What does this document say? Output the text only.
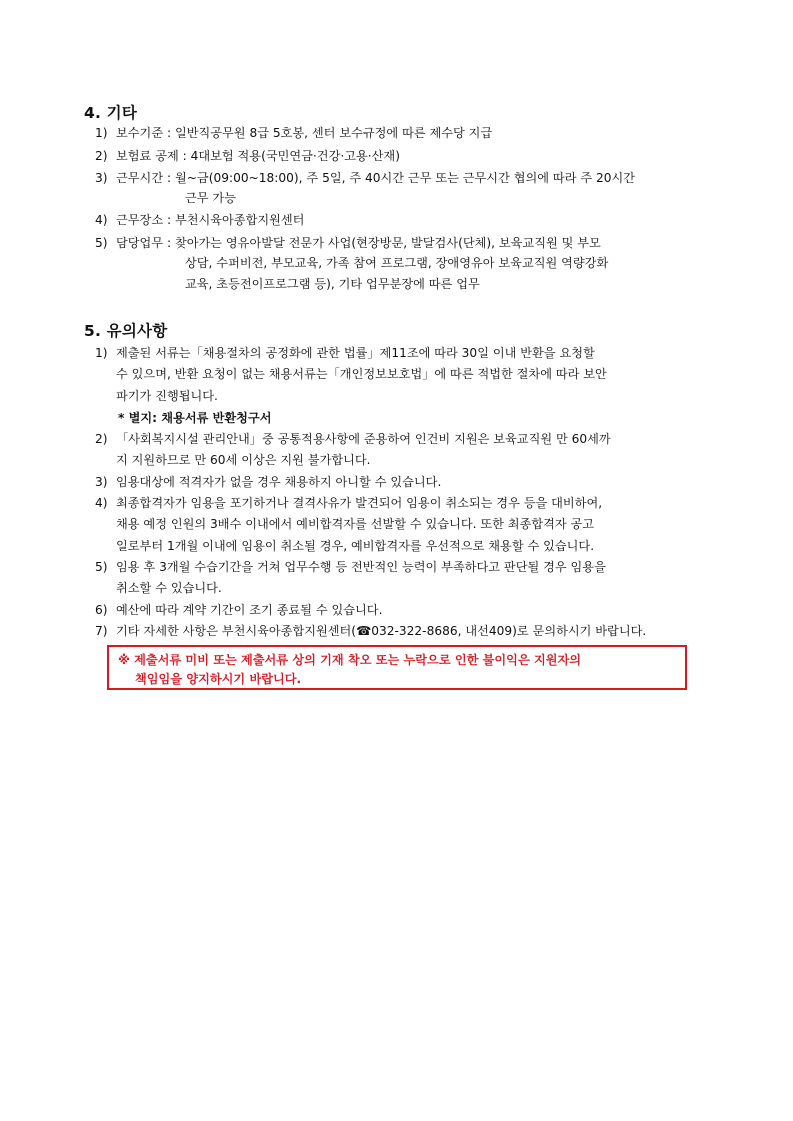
4. 기타
1) 보수기준 : 일반직공무원 8급 5호봉, 센터 보수규정에 따른 제수당 지급
2) 보험료 공제 : 4대보험 적용(국민연금·건강·고용·산재)
3) 근무시간 : 월~금(09:00~18:00), 주 5일, 주 40시간 근무 또는 근무시간 협의에 따라 주 20시간
근무 가능
4) 근무장소 : 부천시육아종합지원센터
5) 담당업무 : 찾아가는 영유아발달 전문가 사업(현장방문, 발달검사(단체), 보육교직원 및 부모
상담, 수퍼비전, 부모교육, 가족 참여 프로그램, 장애영유아 보육교직원 역량강화
교육, 초등전이프로그램 등), 기타 업무분장에 따른 업무
5. 유의사항
1) 제출된 서류는「채용절차의 공정화에 관한 법률」제11조에 따라 30일 이내 반환을 요청할
수 있으며, 반환 요청이 없는 채용서류는「개인정보보호법」에 따른 적법한 절차에 따라 보안
파기가 진행됩니다.
* 별지: 채용서류 반환청구서
2) 「사회복지시설 관리안내」중 공통적용사항에 준용하여 인건비 지원은 보육교직원 만 60세까
지 지원하므로 만 60세 이상은 지원 불가합니다.
3) 임용대상에 적격자가 없을 경우 채용하지 아니할 수 있습니다.
4) 최종합격자가 임용을 포기하거나 결격사유가 발견되어 임용이 취소되는 경우 등을 대비하여,
채용 예정 인원의 3배수 이내에서 예비합격자를 선발할 수 있습니다. 또한 최종합격자 공고
일로부터 1개월 이내에 임용이 취소될 경우, 예비합격자를 우선적으로 채용할 수 있습니다.
5) 임용 후 3개월 수습기간을 거쳐 업무수행 등 전반적인 능력이 부족하다고 판단될 경우 임용을
취소할 수 있습니다.
6) 예산에 따라 계약 기간이 조기 종료될 수 있습니다.
7) 기타 자세한 사항은 부천시육아종합지원센터(☎032-322-8686, 내선409)로 문의하시기 바랍니다.
※ 제출서류 미비 또는 제출서류 상의 기재 착오 또는 누락으로 인한 불이익은 지원자의
책임임을 양지하시기 바랍니다.
